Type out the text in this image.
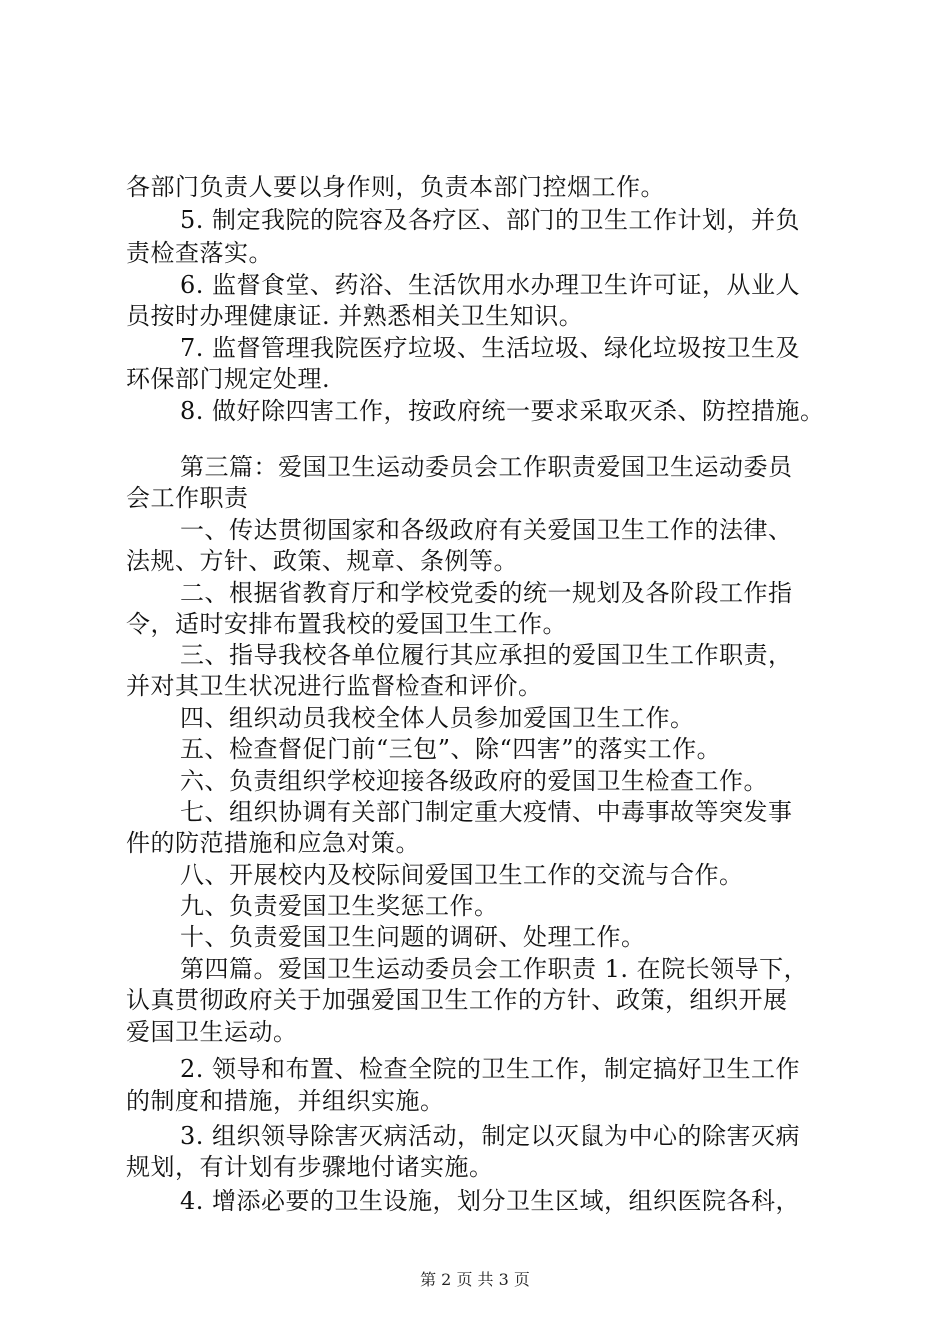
各部门负责人要以身作则，负责本部门控烟工作。
5. 制定我院的院容及各疗区、部门的卫生工作计划，并负
责检查落实。
6. 监督食堂、药浴、生活饮用水办理卫生许可证，从业人
员按时办理健康证. 并熟悉相关卫生知识。
7. 监督管理我院医疗垃圾、生活垃圾、绿化垃圾按卫生及
环保部门规定处理.
8. 做好除四害工作，按政府统一要求采取灭杀、防控措施。
第三篇：爱国卫生运动委员会工作职责爱国卫生运动委员
会工作职责
一、传达贯彻国家和各级政府有关爱国卫生工作的法律、
法规、方针、政策、规章、条例等。
二、根据省教育厅和学校党委的统一规划及各阶段工作指
令，适时安排布置我校的爱国卫生工作。
三、指导我校各单位履行其应承担的爱国卫生工作职责，
并对其卫生状况进行监督检查和评价。
四、组织动员我校全体人员参加爱国卫生工作。
五、检查督促门前“三包”、除“四害”的落实工作。
六、负责组织学校迎接各级政府的爱国卫生检查工作。
七、组织协调有关部门制定重大疫情、中毒事故等突发事
件的防范措施和应急对策。
八、开展校内及校际间爱国卫生工作的交流与合作。
九、负责爱国卫生奖惩工作。
十、负责爱国卫生问题的调研、处理工作。
第四篇。爱国卫生运动委员会工作职责 1. 在院长领导下，
认真贯彻政府关于加强爱国卫生工作的方针、政策，组织开展
爱国卫生运动。
2. 领导和布置、检查全院的卫生工作，制定搞好卫生工作
的制度和措施，并组织实施。
3. 组织领导除害灭病活动，制定以灭鼠为中心的除害灭病
规划，有计划有步骤地付诸实施。
4. 增添必要的卫生设施，划分卫生区域，组织医院各科，
第 2 页 共 3 页
